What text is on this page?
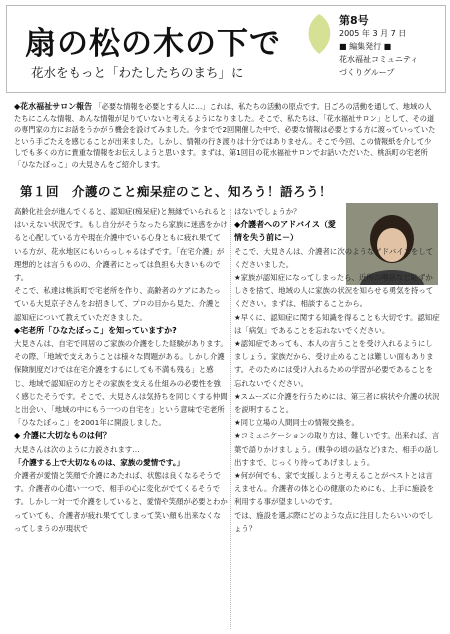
扇の松の木の下で
花水をもっと「わたしたちのまち」に
第8号
2005 年 3 月 7 日
■ 編集発行 ■
花水福祉コミュニティ
づくりグループ
◆花水福祉サロン報告 「必要な情報を必要とする人に…」これは、私たちの活動の原点です。日ごろの活動を通して、地域の人たちにこんな情報、あんな情報が足りていないと考えるようになりました。そこで、私たちは、「花水福祉サロン」として、その道の専門家の方にお話をうかがう機会を設けてみました。今までで2回開催した中で、必要な情報は必要とする方に渡っていっていたという手ごたえを感じることが出来ました。しかし、情報の行き渡りは十分ではありません。そこで今回、この情報紙を介して少しでも多くの方に貴重な情報をお伝えしようと思います。まずは、第1回目の花水福祉サロンでお話いただいた、桃浜町の宅老所「ひなたぼっこ」の大見さんをご紹介します。
第１回　介護のこと痴呆症のこと、知ろう！語ろう！

高齢化社会が進んでくると、認知症(痴呆症)と無縁でいられるとはいえない状況です。もし自分がそうなったら家族に迷惑をかけると心配している方や現在介護中でいる心身ともに疲れ果てている方が、花水地区にもいらっしゃるはずです。「在宅介護」が理想的とは言うものの、介護者にとっては負担も大きいものです。

そこで、私達は桃浜町で宅老所を作り、高齢者のケアにあたっている大見京子さんをお招きして、プロの目から見た、介護と認知症について教えていただきました。

◆宅老所「ひなたぼっこ」を知っていますか?

大見さんは、自宅で同居のご家族の介護をした経験があります。その際、「地域で支えあうことは様々な問題がある。しかし介護保険制度だけでは在宅介護をするにしても不満も残る」と感じ、地域で認知症の方とその家族を支える仕組みの必要性を強く感じたそうです。そこで、大見さんは気持ちを同じくする仲間と出会い、「地域の中にもう一つの自宅を」という意味で宅老所「ひなたぼっこ」を2001年に開設しました。

◆ 介護に大切なものは何？

大見さんは次のように力説されます…

「介護する上で大切なものは、家族の愛情です。」

介護者が愛情と笑顔で介護にあたれば、状態は良くなるそうです。介護者の心遣い一つで、相手の心に変化がでてくるそうです。しかし一対一で介護をしていると、愛情や笑顔が必要とわかっていても、介護者が疲れ果ててしまって笑い顔も出来なくなってしまうのが現状で

はないでしょうか？

◆介護者へのアドバイス（愛情を失う前に－）

そこで、大見さんは、介護者に次のようなアドバイスをしてくださいました。

★家族が認知症になってしまったら、近所の噂話など恥ずかしさを捨て、地域の人に家族の状況を知らせる勇気を持ってください。まずは、相談することから。

★早くに、認知症に関する知識を得ることも大切です。認知症は「病気」であることを忘れないでください。

★認知症であっても、本人の言うことを受け入れるようにしましょう。家族だから、受け止めることは難しい面もあります。そのためには受け入れるための学習が必要であることを忘れないでください。

★スムーズに介護を行うためには、第三者に病状や介護の状況を説明すること。

★同じ立場の人間同士の情報交換を。

★コミュニケーションの取り方は、難しいです。出来れば、言葉で語りかけましょう。(戦争の頃の話など)また、相手の話し出すまで、じっくり待ってあげましょう。

★何が何でも、家で支援しようと考えることがベストとは言えません。介護者の体と心の健康のためにも、上手に施設を利用する事が望ましいのです。

では、施設を選ぶ際にどのような点に注目したらいいのでしょう？
